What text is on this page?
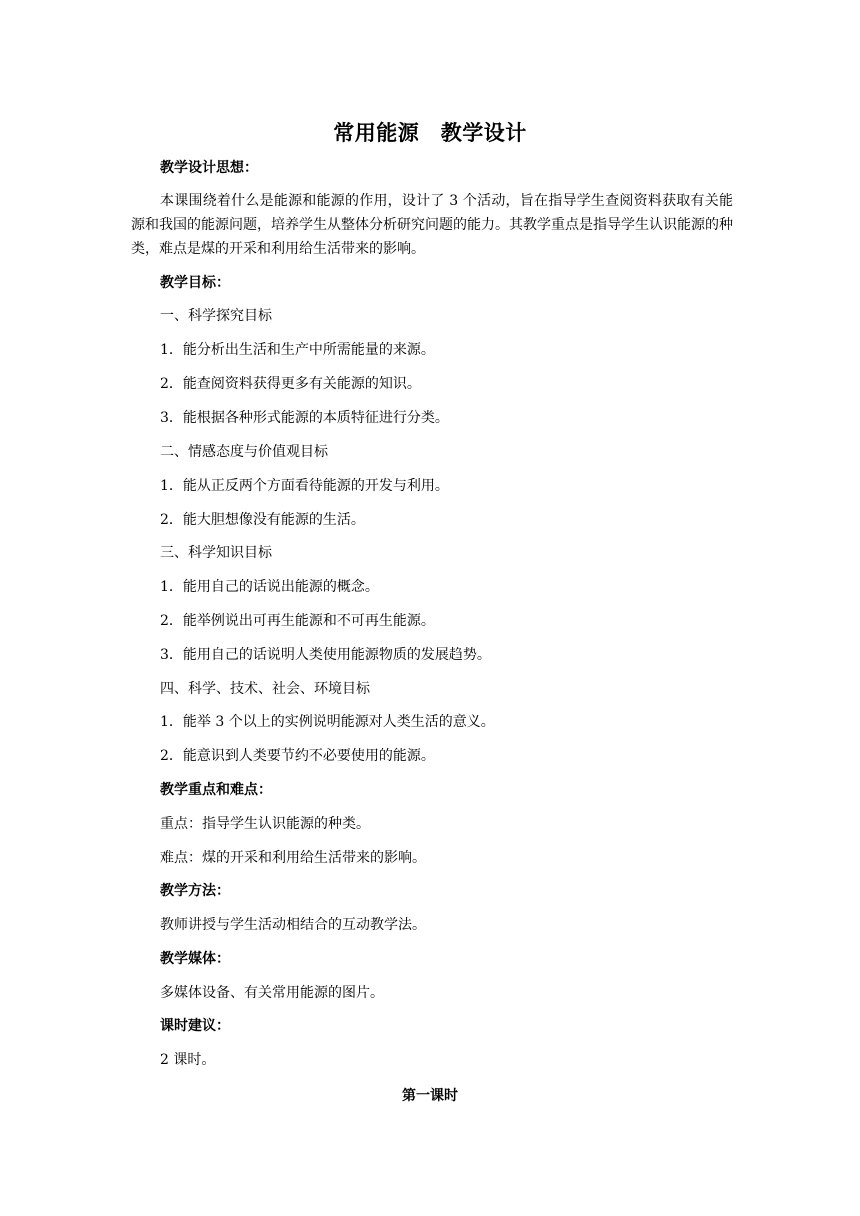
常用能源　教学设计
教学设计思想：
本课围绕着什么是能源和能源的作用，设计了 3 个活动，旨在指导学生查阅资料获取有关能源和我国的能源问题，培养学生从整体分析研究问题的能力。其教学重点是指导学生认识能源的种类，难点是煤的开采和利用给生活带来的影响。
教学目标：
一、科学探究目标
1．能分析出生活和生产中所需能量的来源。
2．能查阅资料获得更多有关能源的知识。
3．能根据各种形式能源的本质特征进行分类。
二、情感态度与价值观目标
1．能从正反两个方面看待能源的开发与利用。
2．能大胆想像没有能源的生活。
三、科学知识目标
1．能用自己的话说出能源的概念。
2．能举例说出可再生能源和不可再生能源。
3．能用自己的话说明人类使用能源物质的发展趋势。
四、科学、技术、社会、环境目标
1．能举 3 个以上的实例说明能源对人类生活的意义。
2．能意识到人类要节约不必要使用的能源。
教学重点和难点：
重点：指导学生认识能源的种类。
难点：煤的开采和利用给生活带来的影响。
教学方法：
教师讲授与学生活动相结合的互动教学法。
教学媒体：
多媒体设备、有关常用能源的图片。
课时建议：
2 课时。
第一课时
